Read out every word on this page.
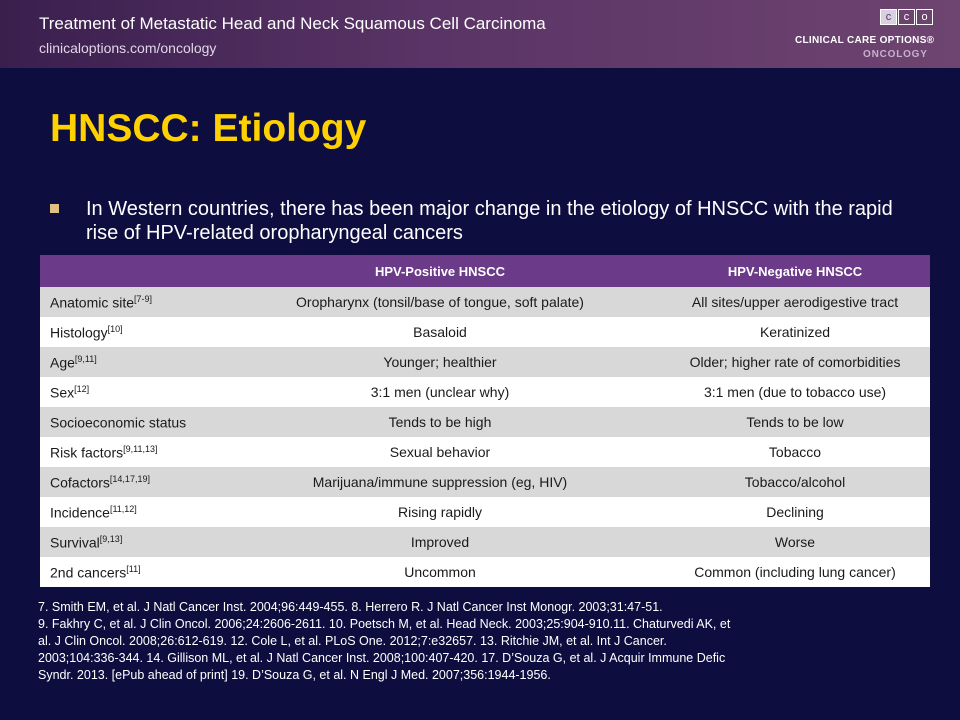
Treatment of Metastatic Head and Neck Squamous Cell Carcinoma
clinicaloptions.com/oncology
c	c	o
CLINICAL CARE OPTIONS®
ONCOLOGY
HNSCC: Etiology
In Western countries, there has been major change in the etiology of HNSCC with the rapid rise of HPV-related oropharyngeal cancers
	HPV-Positive HNSCC	HPV-Negative HNSCC
Anatomic site[7-9]	Oropharynx (tonsil/base of tongue, soft palate)	All sites/upper aerodigestive tract
Histology[10]	Basaloid	Keratinized
Age[9,11]	Younger; healthier	Older; higher rate of comorbidities
Sex[12]	3:1 men (unclear why)	3:1 men (due to tobacco use)
Socioeconomic status	Tends to be high	Tends to be low
Risk factors[9,11,13]	Sexual behavior	Tobacco
Cofactors[14,17,19]	Marijuana/immune suppression (eg, HIV)	Tobacco/alcohol
Incidence[11,12]	Rising rapidly	Declining
Survival[9,13]	Improved	Worse
2nd cancers[11]	Uncommon	Common (including lung cancer)
7. Smith EM, et al. J Natl Cancer Inst. 2004;96:449-455. 8. Herrero R. J Natl Cancer Inst Monogr. 2003;31:47-51.
9. Fakhry C, et al. J Clin Oncol. 2006;24:2606-2611. 10. Poetsch M, et al. Head Neck. 2003;25:904-910.11. Chaturvedi AK, et
al. J Clin Oncol. 2008;26:612-619. 12. Cole L, et al. PLoS One. 2012;7:e32657. 13. Ritchie JM, et al. Int J Cancer.
2003;104:336-344. 14. Gillison ML, et al. J Natl Cancer Inst. 2008;100:407-420. 17. D’Souza G, et al. J Acquir Immune Defic
Syndr. 2013. [ePub ahead of print] 19. D’Souza G, et al. N Engl J Med. 2007;356:1944-1956.
